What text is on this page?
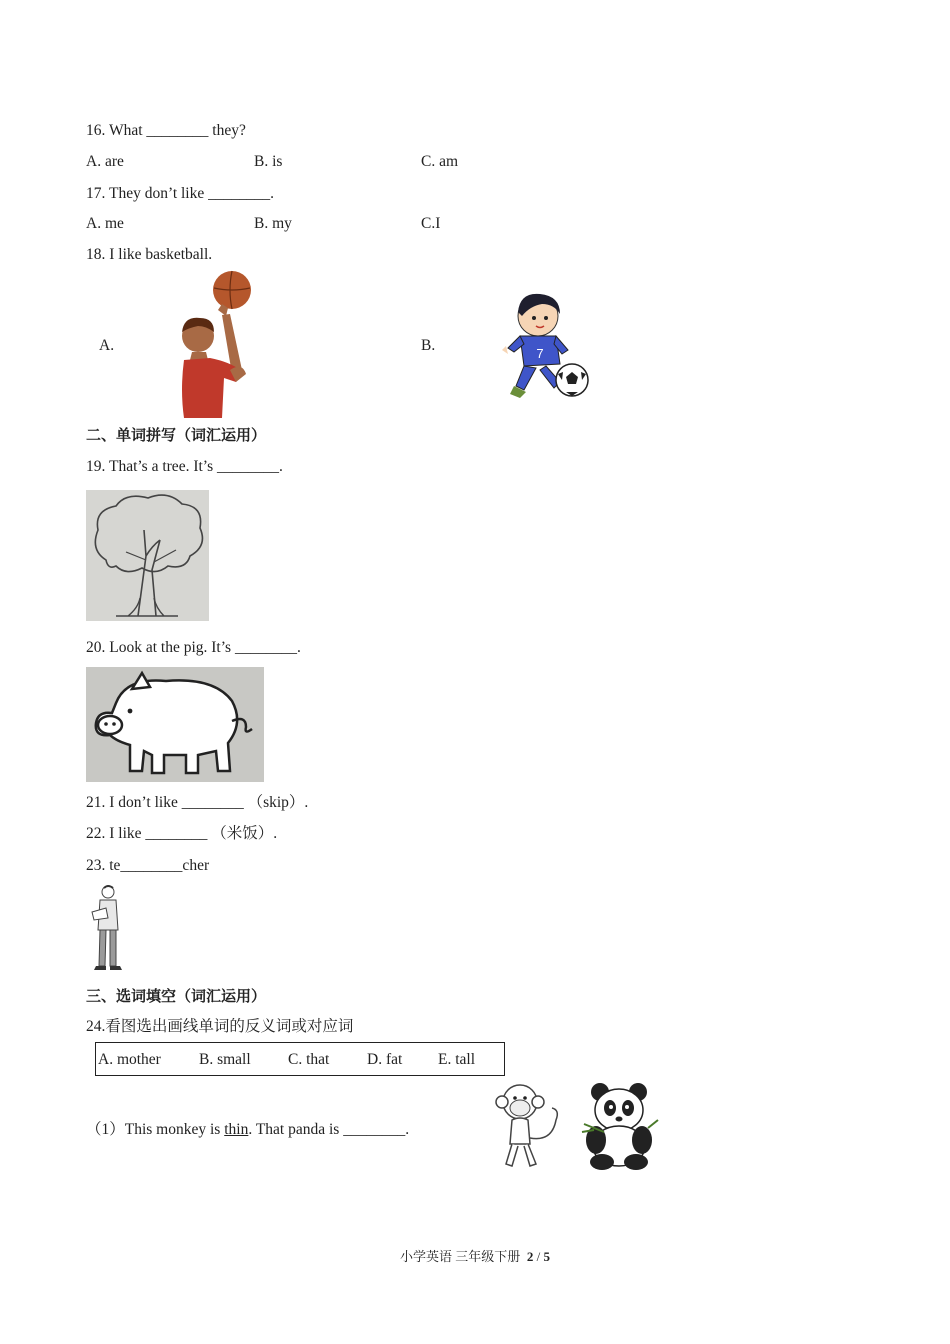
16. What ________ they?
A. are	B. is	C. am
17. They don’t like ________.
A. me	B. my	C.I
18. I like basketball.
A.	B.	7
二、单词拼写（词汇运用）
19. That’s a tree. It’s ________.
20. Look at the pig. It’s ________.
21. I don’t like ________ （skip）.
22. I like ________ （米饭）.
23. te________cher
三、选词填空（词汇运用）
24.看图选出画线单词的反义词或对应词
A. mother B. small C. that D. fat E. tall
（1）This monkey is thin. That panda is ________.
小学英语 三年级下册 2 / 5
